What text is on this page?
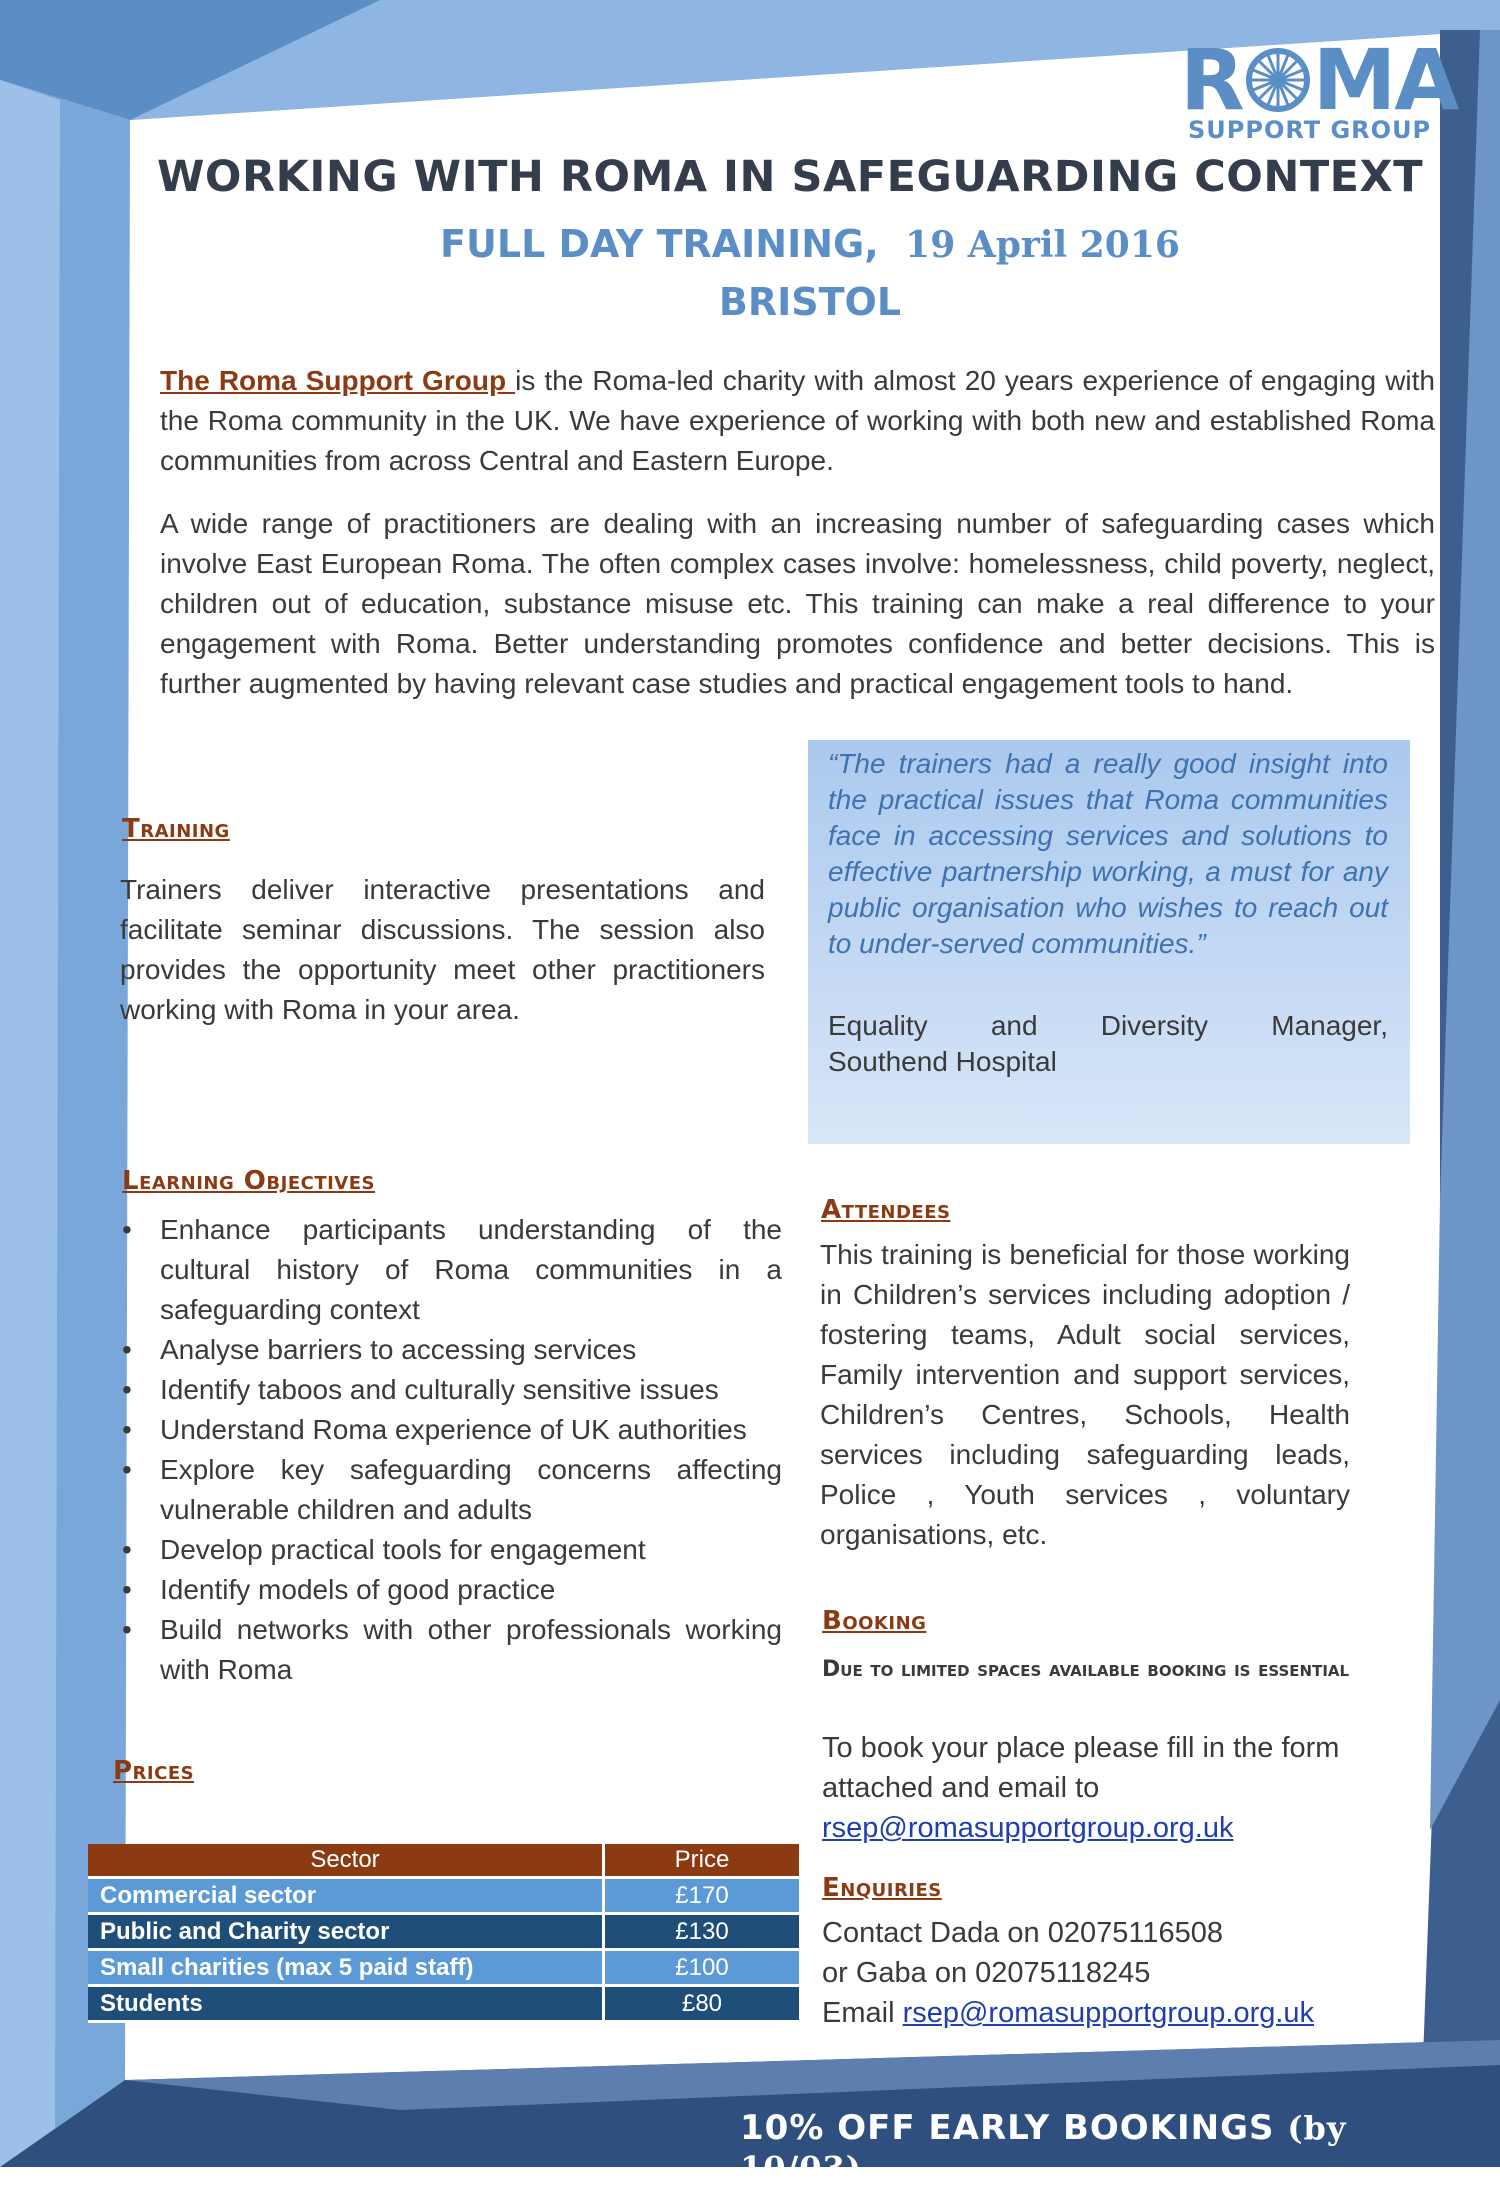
R MA
SUPPORT GROUP
WORKING WITH ROMA IN SAFEGUARDING CONTEXT
FULL DAY TRAINING, 19 April 2016
BRISTOL
The Roma Support Group is the Roma-led charity with almost 20 years experience of engaging with the Roma community in the UK. We have experience of working with both new and established Roma communities from across Central and Eastern Europe.
A wide range of practitioners are dealing with an increasing number of safeguarding cases which involve East European Roma. The often complex cases involve: homelessness, child poverty, neglect, children out of education, substance misuse etc. This training can make a real difference to your engagement with Roma. Better understanding promotes confidence and better decisions. This is further augmented by having relevant case studies and practical engagement tools to hand.
Training
Trainers deliver interactive presentations and facilitate seminar discussions. The session also provides the opportunity meet other practitioners working with Roma in your area.
“The trainers had a really good insight into the practical issues that Roma communities face in accessing services and solutions to effective partnership working, a must for any public organisation who wishes to reach out to under-served communities.”
Equality and Diversity Manager,
Southend Hospital
Learning Objectives
• Enhance participants understanding of the cultural history of Roma communities in a safeguarding context
• Analyse barriers to accessing services
• Identify taboos and culturally sensitive issues
• Understand Roma experience of UK authorities
• Explore key safeguarding concerns affecting vulnerable children and adults
• Develop practical tools for engagement
• Identify models of good practice
• Build networks with other professionals working with Roma
Attendees
This training is beneficial for those working in Children’s services including adoption / fostering teams, Adult social services, Family intervention and support services, Children’s Centres, Schools, Health services including safeguarding leads, Police , Youth services , voluntary organisations, etc.
Booking
Due to limited spaces available booking is essential
To book your place please fill in the form attached and email to
rsep@romasupportgroup.org.uk
Enquiries
Contact Dada on 02075116508
or Gaba on 02075118245
Email rsep@romasupportgroup.org.uk
Prices
Sector	Price
Commercial sector	£170
Public and Charity sector	£130
Small charities (max 5 paid staff)	£100
Students	£80
10% OFF EARLY BOOKINGS (by 10/03)
